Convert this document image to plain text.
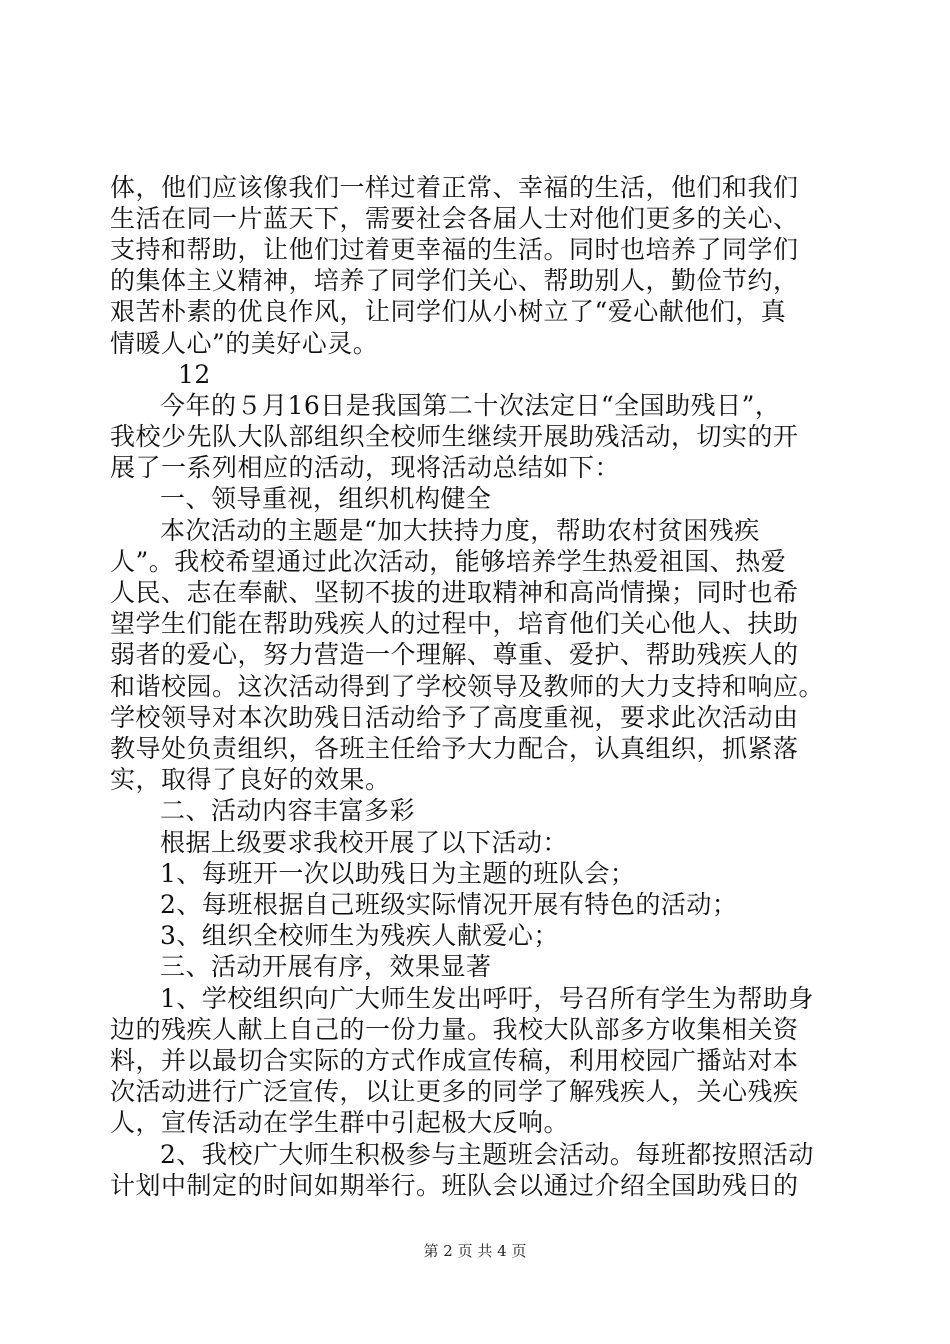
体，他们应该像我们一样过着正常、幸福的生活，他们和我们
生活在同一片蓝天下，需要社会各届人士对他们更多的关心、
支持和帮助，让他们过着更幸福的生活。同时也培养了同学们
的集体主义精神，培养了同学们关心、帮助别人，勤俭节约，
艰苦朴素的优良作风，让同学们从小树立了“爱心献他们，真
情暖人心”的美好心灵。
12
今年的５月16日是我国第二十次法定日“全国助残日”，
我校少先队大队部组织全校师生继续开展助残活动，切实的开
展了一系列相应的活动，现将活动总结如下：
一、领导重视，组织机构健全
本次活动的主题是“加大扶持力度，帮助农村贫困残疾
人”。我校希望通过此次活动，能够培养学生热爱祖国、热爱
人民、志在奉献、坚韧不拔的进取精神和高尚情操；同时也希
望学生们能在帮助残疾人的过程中，培育他们关心他人、扶助
弱者的爱心，努力营造一个理解、尊重、爱护、帮助残疾人的
和谐校园。这次活动得到了学校领导及教师的大力支持和响应。
学校领导对本次助残日活动给予了高度重视，要求此次活动由
教导处负责组织，各班主任给予大力配合，认真组织，抓紧落
实，取得了良好的效果。
二、活动内容丰富多彩
根据上级要求我校开展了以下活动：
1、每班开一次以助残日为主题的班队会；
2、每班根据自己班级实际情况开展有特色的活动；
3、组织全校师生为残疾人献爱心；
三、活动开展有序，效果显著
1、学校组织向广大师生发出呼吁，号召所有学生为帮助身
边的残疾人献上自己的一份力量。我校大队部多方收集相关资
料，并以最切合实际的方式作成宣传稿，利用校园广播站对本
次活动进行广泛宣传，以让更多的同学了解残疾人，关心残疾
人，宣传活动在学生群中引起极大反响。
2、我校广大师生积极参与主题班会活动。每班都按照活动
计划中制定的时间如期举行。班队会以通过介绍全国助残日的
第 2 页 共 4 页
